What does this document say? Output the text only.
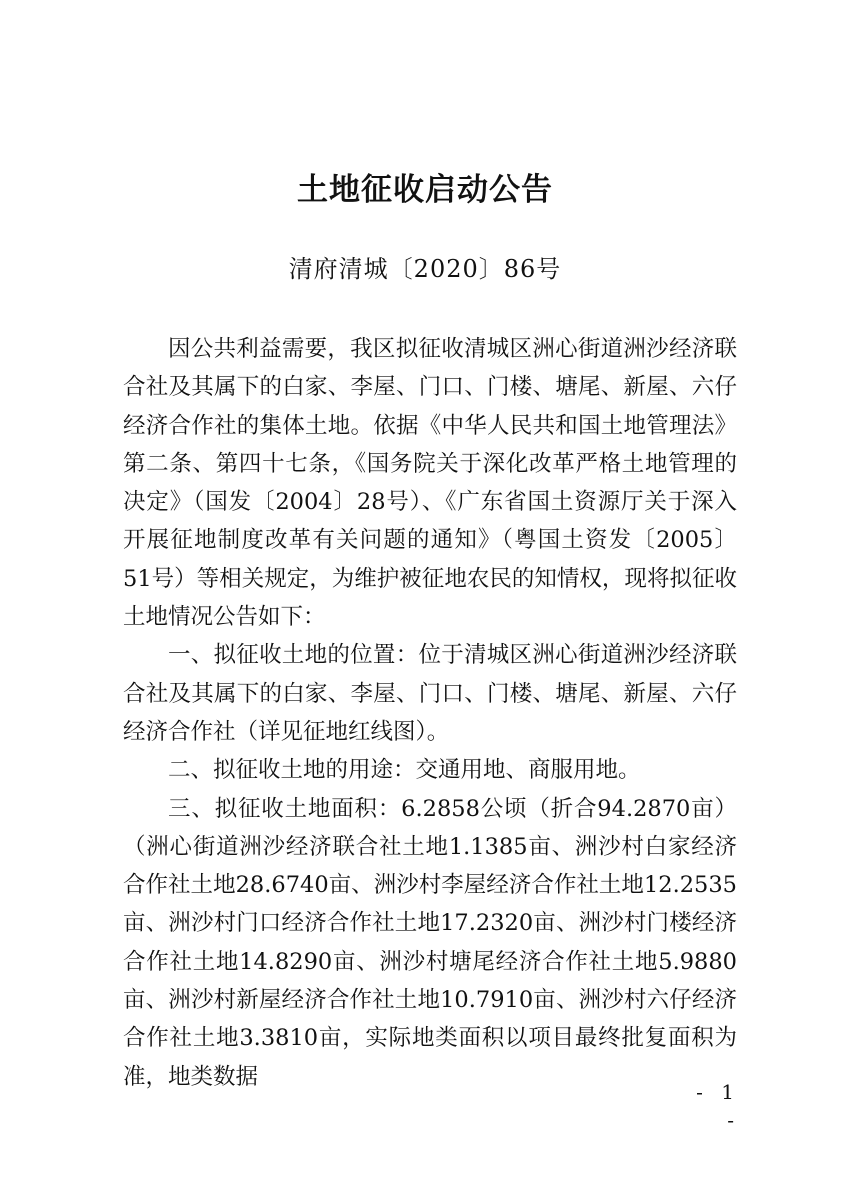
土地征收启动公告
清府清城〔2020〕86号

因公共利益需要，我区拟征收清城区洲心街道洲沙经济联合社及其属下的白家、李屋、门口、门楼、塘尾、新屋、六仔经济合作社的集体土地。依据《中华人民共和国土地管理法》第二条、第四十七条，《国务院关于深化改革严格土地管理的决定》（国发〔2004〕28号）、《广东省国土资源厅关于深入开展征地制度改革有关问题的通知》（粤国土资发〔2005〕51号）等相关规定，为维护被征地农民的知情权，现将拟征收土地情况公告如下：

一、拟征收土地的位置：位于清城区洲心街道洲沙经济联合社及其属下的白家、李屋、门口、门楼、塘尾、新屋、六仔经济合作社（详见征地红线图）。

二、拟征收土地的用途：交通用地、商服用地。

三、拟征收土地面积：6.2858公顷（折合94.2870亩）（洲心街道洲沙经济联合社土地1.1385亩、洲沙村白家经济合作社土地28.6740亩、洲沙村李屋经济合作社土地12.2535亩、洲沙村门口经济合作社土地17.2320亩、洲沙村门楼经济合作社土地14.8290亩、洲沙村塘尾经济合作社土地5.9880亩、洲沙村新屋经济合作社土地10.7910亩、洲沙村六仔经济合作社土地3.3810亩，实际地类面积以项目最终批复面积为准，地类数据

- 1 -
